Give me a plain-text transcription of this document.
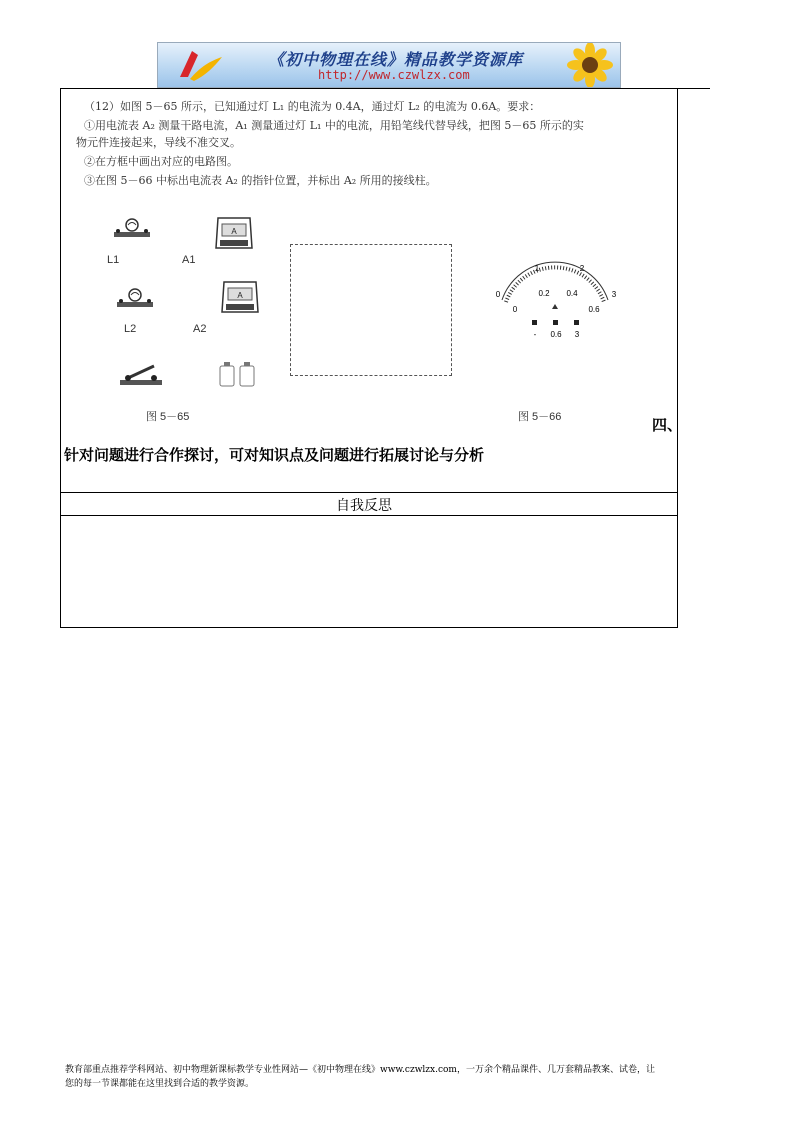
《初中物理在线》精品教学资源库
http://www.czwlzx.com
（12）如图 5－65 所示，已知通过灯 L₁ 的电流为 0.4A，通过灯 L₂ 的电流为 0.6A。要求：
①用电流表 A₂ 测量干路电流，A₁ 测量通过灯 L₁ 中的电流，用铅笔线代替导线，把图 5－65 所示的实
物元件连接起来，导线不准交叉。
②在方框中画出对应的电路图。
③在图 5－66 中标出电流表 A₂ 的指针位置，并标出 A₂ 所用的接线柱。
L1
A
A1
L2
A
A2
图 5－65
0
1	2
3
0
0.2 0.4
0.6
- 0.6 3
图 5－66	四、
针对问题进行合作探讨，可对知识点及问题进行拓展讨论与分析
自我反思
教育部重点推荐学科网站、初中物理新课标教学专业性网站—《初中物理在线》www.czwlzx.com，一万余个精品课件、几万套精品教案、试卷，让
您的每一节课都能在这里找到合适的教学资源。
